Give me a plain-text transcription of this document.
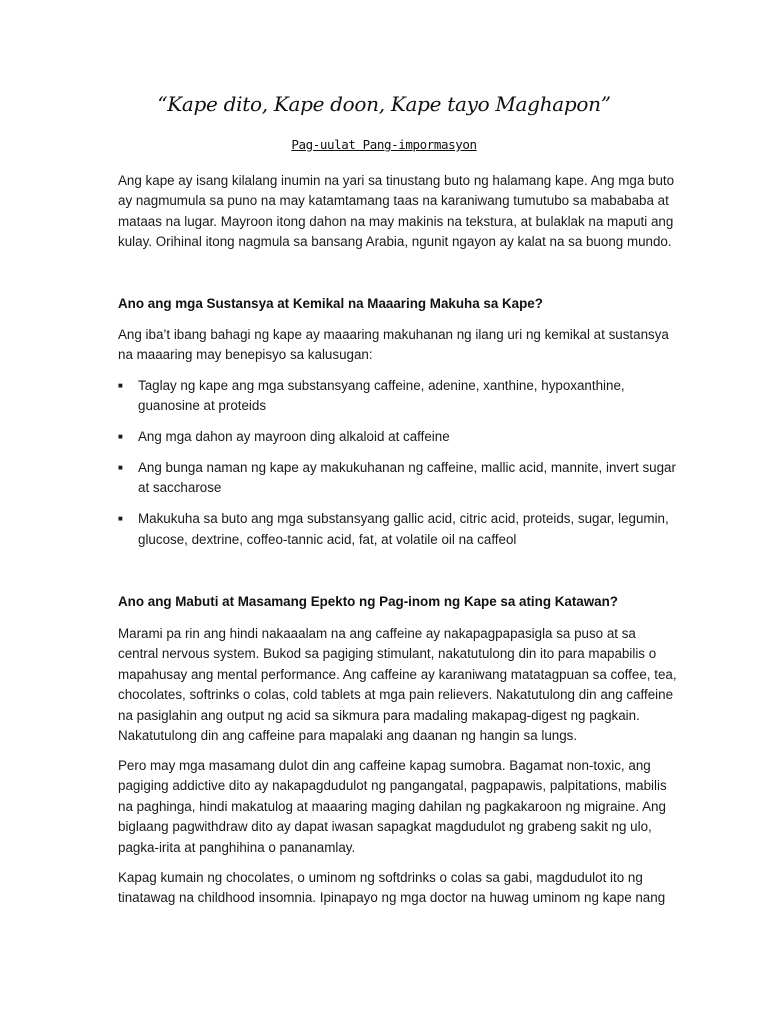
“Kape dito, Kape doon, Kape tayo Maghapon”
Pag-uulat Pang-impormasyon

Ang kape ay isang kilalang inumin na yari sa tinustang buto ng halamang kape. Ang mga buto ay nagmumula sa puno na may katamtamang taas na karaniwang tumutubo sa mabababa at mataas na lugar. Mayroon itong dahon na may makinis na tekstura, at bulaklak na maputi ang kulay. Orihinal itong nagmula sa bansang Arabia, ngunit ngayon ay kalat na sa buong mundo.

Ano ang mga Sustansya at Kemikal na Maaaring Makuha sa Kape?

Ang iba’t ibang bahagi ng kape ay maaaring makuhanan ng ilang uri ng kemikal at sustansya na maaaring may benepisyo sa kalusugan:

■ Taglay ng kape ang mga substansyang caffeine, adenine, xanthine, hypoxanthine, guanosine at proteids
■ Ang mga dahon ay mayroon ding alkaloid at caffeine
■ Ang bunga naman ng kape ay makukuhanan ng caffeine, mallic acid, mannite, invert sugar at saccharose
■ Makukuha sa buto ang mga substansyang gallic acid, citric acid, proteids, sugar, legumin, glucose, dextrine, coffeo-tannic acid, fat, at volatile oil na caffeol

Ano ang Mabuti at Masamang Epekto ng Pag-inom ng Kape sa ating Katawan?

Marami pa rin ang hindi nakaaalam na ang caffeine ay nakapagpapasigla sa puso at sa central nervous system. Bukod sa pagiging stimulant, nakatutulong din ito para mapabilis o mapahusay ang mental performance. Ang caffeine ay karaniwang matatagpuan sa coffee, tea, chocolates, softrinks o colas, cold tablets at mga pain relievers. Nakatutulong din ang caffeine na pasiglahin ang output ng acid sa sikmura para madaling makapag-digest ng pagkain. Nakatutulong din ang caffeine para mapalaki ang daanan ng hangin sa lungs.

Pero may mga masamang dulot din ang caffeine kapag sumobra. Bagamat non-toxic, ang pagiging addictive dito ay nakapagdudulot ng pangangatal, pagpapawis, palpitations, mabilis na paghinga, hindi makatulog at maaaring maging dahilan ng pagkakaroon ng migraine. Ang biglaang pagwithdraw dito ay dapat iwasan sapagkat magdudulot ng grabeng sakit ng ulo, pagka-irita at panghihina o pananamlay.

Kapag kumain ng chocolates, o uminom ng softdrinks o colas sa gabi, magdudulot ito ng tinatawag na childhood insomnia. Ipinapayo ng mga doctor na huwag uminom ng kape nang
